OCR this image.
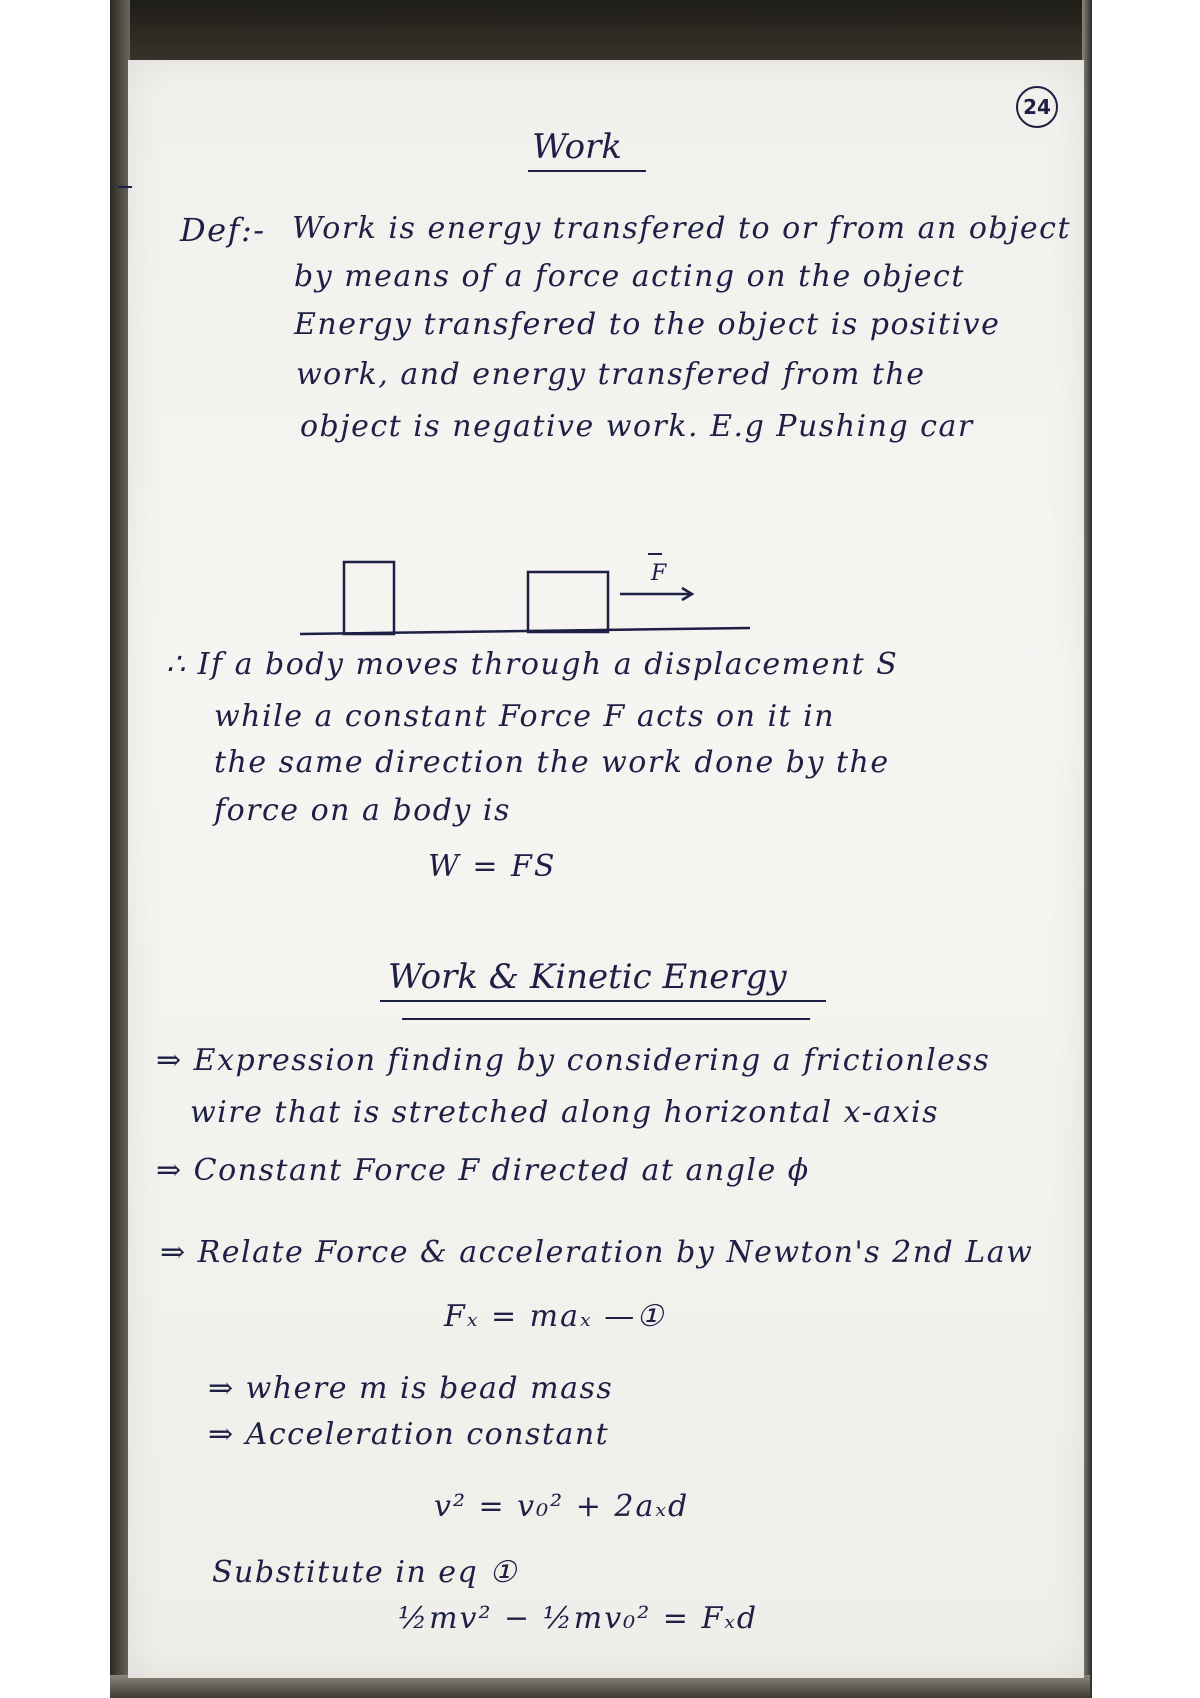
24
Work
Def:- Work is energy transfered to or from an object
by means of a force acting on the object
Energy transfered to the object is positive
work, and energy transfered from the
object is negative work. E.g Pushing car
F
∴ If a body moves through a displacement S
while a constant Force F acts on it in
the same direction the work done by the
force on a body is
W = FS
Work & Kinetic Energy
⇒ Expression finding by considering a frictionless
wire that is stretched along horizontal x-axis
⇒ Constant Force F directed at angle ϕ
⇒ Relate Force & acceleration by Newton's 2nd Law
Fₓ = maₓ —①
⇒ where m is bead mass
⇒ Acceleration constant
v² = v₀² + 2aₓd
Substitute in eq ①
½mv² − ½mv₀² = Fₓd
